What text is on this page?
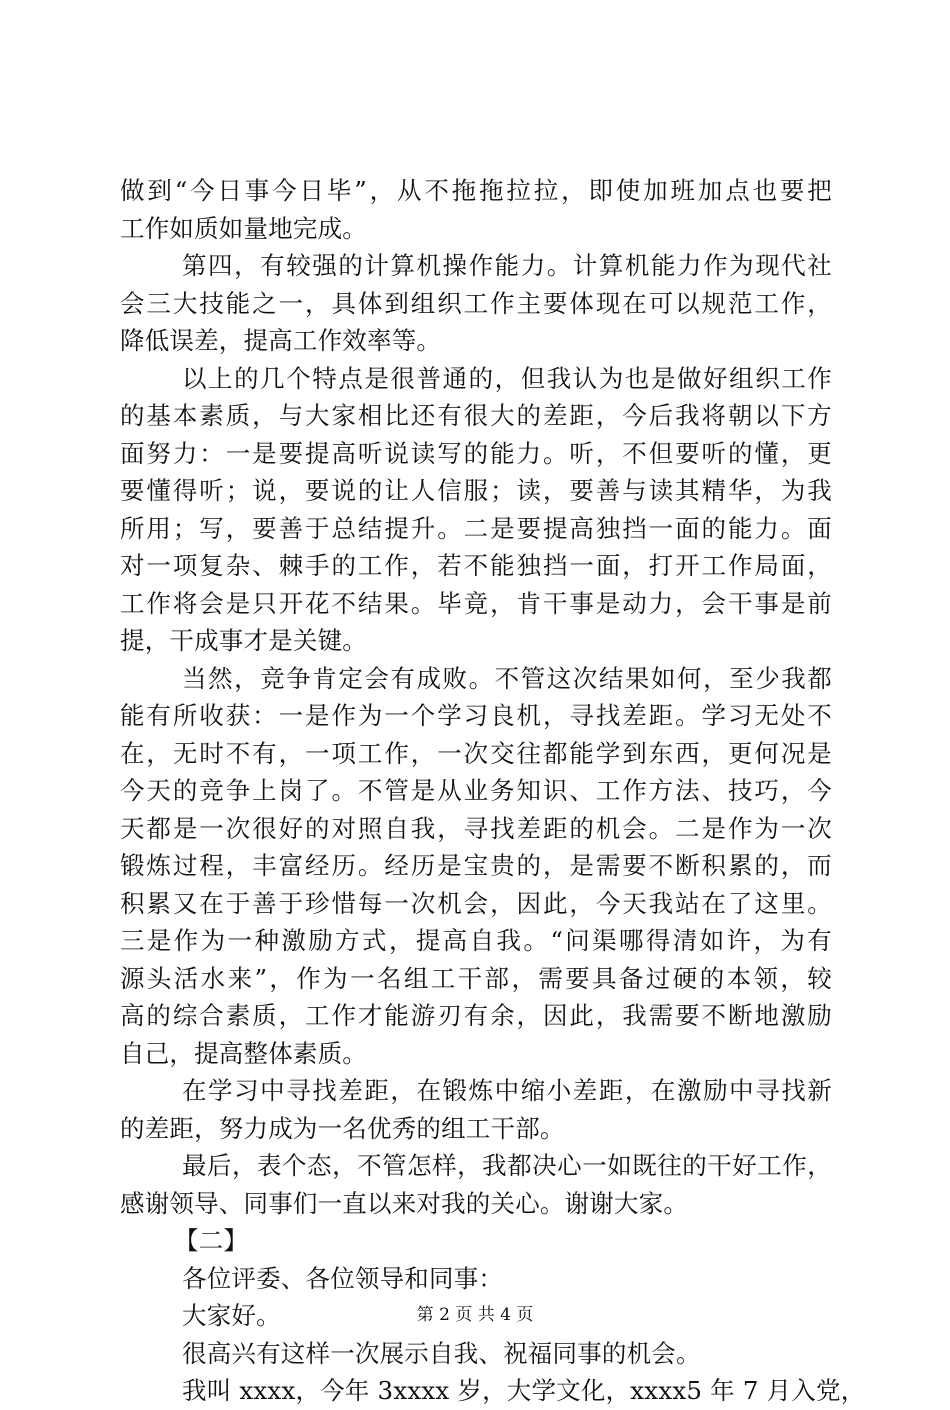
做到“今日事今日毕”，从不拖拖拉拉，即使加班加点也要把
工作如质如量地完成。
第四，有较强的计算机操作能力。计算机能力作为现代社
会三大技能之一，具体到组织工作主要体现在可以规范工作，
降低误差，提高工作效率等。
以上的几个特点是很普通的，但我认为也是做好组织工作
的基本素质，与大家相比还有很大的差距，今后我将朝以下方
面努力：一是要提高听说读写的能力。听，不但要听的懂，更
要懂得听；说，要说的让人信服；读，要善与读其精华，为我
所用；写，要善于总结提升。二是要提高独挡一面的能力。面
对一项复杂、棘手的工作，若不能独挡一面，打开工作局面，
工作将会是只开花不结果。毕竟，肯干事是动力，会干事是前
提，干成事才是关键。
当然，竞争肯定会有成败。不管这次结果如何，至少我都
能有所收获：一是作为一个学习良机，寻找差距。学习无处不
在，无时不有，一项工作，一次交往都能学到东西，更何况是
今天的竞争上岗了。不管是从业务知识、工作方法、技巧，今
天都是一次很好的对照自我，寻找差距的机会。二是作为一次
锻炼过程，丰富经历。经历是宝贵的，是需要不断积累的，而
积累又在于善于珍惜每一次机会，因此，今天我站在了这里。
三是作为一种激励方式，提高自我。“问渠哪得清如许，为有
源头活水来”，作为一名组工干部，需要具备过硬的本领，较
高的综合素质，工作才能游刃有余，因此，我需要不断地激励
自己，提高整体素质。
在学习中寻找差距，在锻炼中缩小差距，在激励中寻找新
的差距，努力成为一名优秀的组工干部。
最后，表个态，不管怎样，我都决心一如既往的干好工作，
感谢领导、同事们一直以来对我的关心。谢谢大家。
【二】
各位评委、各位领导和同事：
大家好。
很高兴有这样一次展示自我、祝福同事的机会。
我叫 xxxx，今年 3xxxx 岁，大学文化，xxxx5 年 7 月入党，
第 2 页 共 4 页
